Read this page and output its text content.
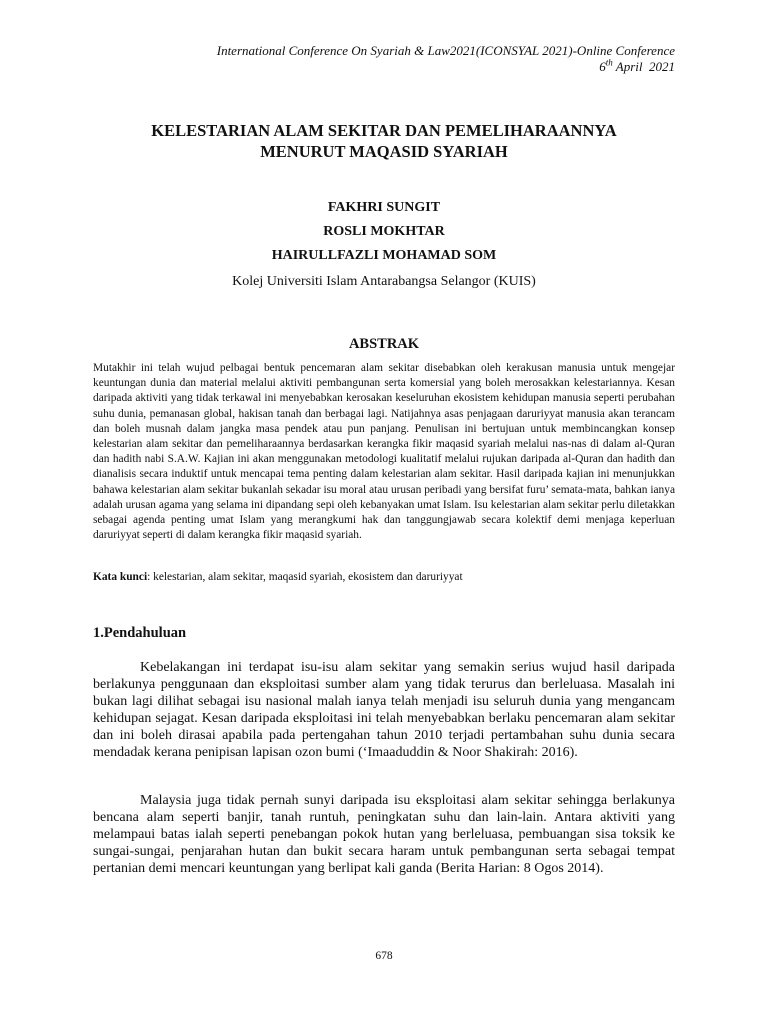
International Conference On Syariah & Law2021(ICONSYAL 2021)-Online Conference
6th April  2021
KELESTARIAN ALAM SEKITAR DAN PEMELIHARAANNYA
MENURUT MAQASID SYARIAH
FAKHRI SUNGIT
ROSLI MOKHTAR
HAIRULLFAZLI MOHAMAD SOM
Kolej Universiti Islam Antarabangsa Selangor (KUIS)
ABSTRAK
Mutakhir ini telah wujud pelbagai bentuk pencemaran alam sekitar disebabkan oleh kerakusan manusia untuk mengejar keuntungan dunia dan material melalui aktiviti pembangunan serta komersial yang boleh merosakkan kelestariannya. Kesan daripada aktiviti yang tidak terkawal ini menyebabkan kerosakan keseluruhan ekosistem kehidupan manusia seperti perubahan suhu dunia, pemanasan global, hakisan tanah dan berbagai lagi. Natijahnya asas penjagaan daruriyyat manusia akan terancam dan boleh musnah dalam jangka masa pendek atau pun panjang. Penulisan ini bertujuan untuk membincangkan konsep kelestarian alam sekitar dan pemeliharaannya berdasarkan kerangka fikir maqasid syariah melalui nas-nas di dalam al-Quran dan hadith nabi S.A.W. Kajian ini akan menggunakan metodologi kualitatif melalui rujukan daripada al-Quran dan hadith dan dianalisis secara induktif untuk mencapai tema penting dalam kelestarian alam sekitar. Hasil daripada kajian ini menunjukkan bahawa kelestarian alam sekitar bukanlah sekadar isu moral atau urusan peribadi yang bersifat furu’ semata-mata, bahkan ianya adalah urusan agama yang selama ini dipandang sepi oleh kebanyakan umat Islam. Isu kelestarian alam sekitar perlu diletakkan sebagai agenda penting umat Islam yang merangkumi hak dan tanggungjawab secara kolektif demi menjaga keperluan daruriyyat seperti di dalam kerangka fikir maqasid syariah.
Kata kunci: kelestarian, alam sekitar, maqasid syariah, ekosistem dan daruriyyat
1.Pendahuluan
Kebelakangan ini terdapat isu-isu alam sekitar yang semakin serius wujud hasil daripada berlakunya penggunaan dan eksploitasi sumber alam yang tidak terurus dan berleluasa. Masalah ini bukan lagi dilihat sebagai isu nasional malah ianya telah menjadi isu seluruh dunia yang mengancam kehidupan sejagat. Kesan daripada eksploitasi ini telah menyebabkan berlaku pencemaran alam sekitar dan ini boleh dirasai apabila pada pertengahan tahun 2010 terjadi pertambahan suhu dunia secara mendadak kerana penipisan lapisan ozon bumi (‘Imaaduddin & Noor Shakirah: 2016).
Malaysia juga tidak pernah sunyi daripada isu eksploitasi alam sekitar sehingga berlakunya bencana alam seperti banjir, tanah runtuh, peningkatan suhu dan lain-lain. Antara aktiviti yang melampaui batas ialah seperti penebangan pokok hutan yang berleluasa, pembuangan sisa toksik ke sungai-sungai, penjarahan hutan dan bukit secara haram untuk pembangunan serta sebagai tempat pertanian demi mencari keuntungan yang berlipat kali ganda (Berita Harian: 8 Ogos 2014).
678
